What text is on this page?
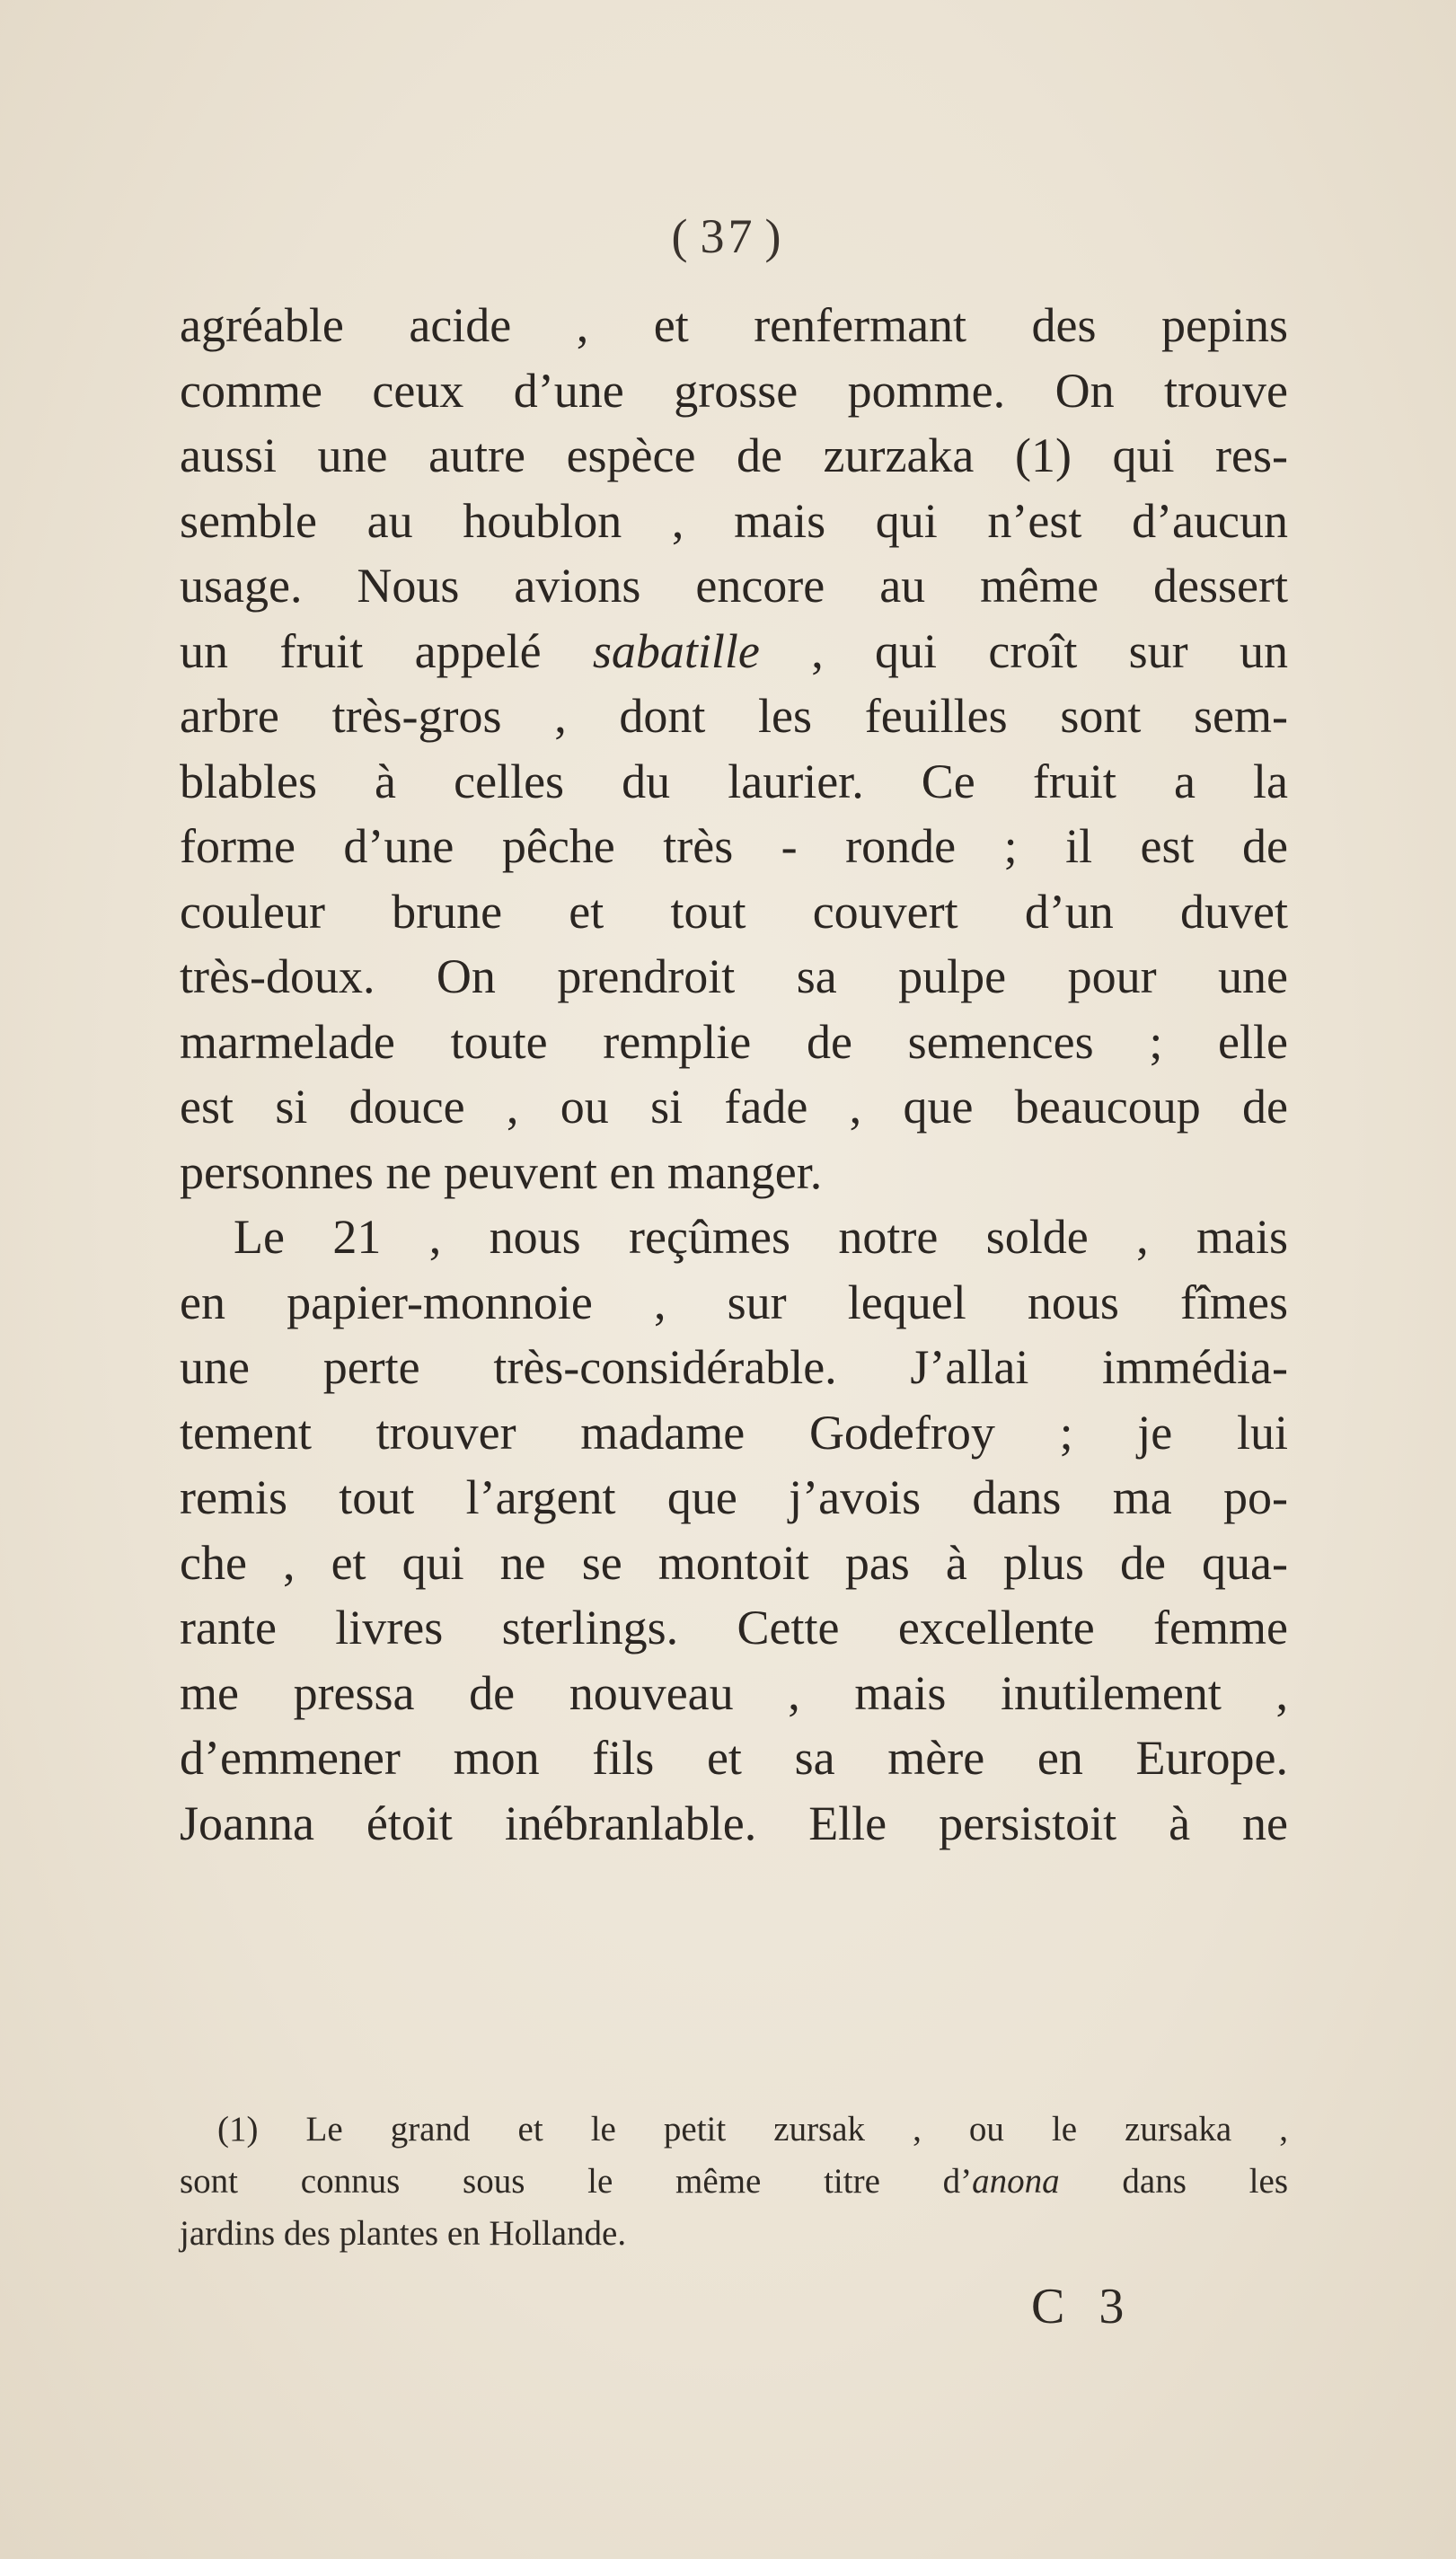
( 37 )
agréable acide , et renfermant des pepins
comme ceux d’une grosse pomme. On trouve
aussi une autre espèce de zurzaka (1) qui res-
semble au houblon , mais qui n’est d’aucun
usage. Nous avions encore au même dessert
un fruit appelé sabatille , qui croît sur un
arbre très-gros , dont les feuilles sont sem-
blables à celles du laurier. Ce fruit a la
forme d’une pêche très - ronde ; il est de
couleur brune et tout couvert d’un duvet
très-doux. On prendroit sa pulpe pour une
marmelade toute remplie de semences ; elle
est si douce , ou si fade , que beaucoup de
personnes ne peuvent en manger.
Le 21 , nous reçûmes notre solde , mais
en papier-monnoie , sur lequel nous fîmes
une perte très-considérable. J’allai immédia-
tement trouver madame Godefroy ; je lui
remis tout l’argent que j’avois dans ma po-
che , et qui ne se montoit pas à plus de qua-
rante livres sterlings. Cette excellente femme
me pressa de nouveau , mais inutilement ,
d’emmener mon fils et sa mère en Europe.
Joanna étoit inébranlable. Elle persistoit à ne
(1) Le grand et le petit zursak , ou le zursaka ,
sont connus sous le même titre d’anona dans les
jardins des plantes en Hollande.
C 3
